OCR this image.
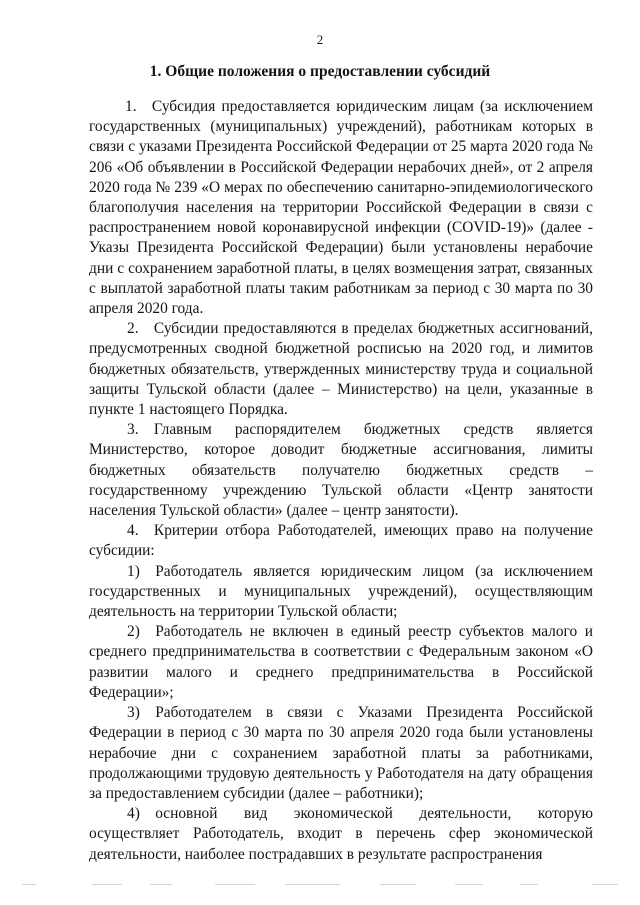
2
1. Общие положения о предоставлении субсидий

1. Субсидия предоставляется юридическим лицам (за исключением государственных (муниципальных) учреждений), работникам которых в связи с указами Президента Российской Федерации от 25 марта 2020 года № 206 «Об объявлении в Российской Федерации нерабочих дней», от 2 апреля 2020 года № 239 «О мерах по обеспечению санитарно-эпидемиологического благополучия населения на территории Российской Федерации в связи с распространением новой коронавирусной инфекции (COVID-19)» (далее - Указы Президента Российской Федерации) были установлены нерабочие дни с сохранением заработной платы, в целях возмещения затрат, связанных с выплатой заработной платы таким работникам за период с 30 марта по 30 апреля 2020 года.

2. Субсидии предоставляются в пределах бюджетных ассигнований, предусмотренных сводной бюджетной росписью на 2020 год, и лимитов бюджетных обязательств, утвержденных министерству труда и социальной защиты Тульской области (далее – Министерство) на цели, указанные в пункте 1 настоящего Порядка.

3. Главным распорядителем бюджетных средств является Министерство, которое доводит бюджетные ассигнования, лимиты бюджетных обязательств получателю бюджетных средств – государственному учреждению Тульской области «Центр занятости населения Тульской области» (далее – центр занятости).

4. Критерии отбора Работодателей, имеющих право на получение субсидии:

1) Работодатель является юридическим лицом (за исключением государственных и муниципальных учреждений), осуществляющим деятельность на территории Тульской области;

2) Работодатель не включен в единый реестр субъектов малого и среднего предпринимательства в соответствии с Федеральным законом «О развитии малого и среднего предпринимательства в Российской Федерации»;

3) Работодателем в связи с Указами Президента Российской Федерации в период с 30 марта по 30 апреля 2020 года были установлены нерабочие дни с сохранением заработной платы за работниками, продолжающими трудовую деятельность у Работодателя на дату обращения за предоставлением субсидии (далее – работники);

4) основной вид экономической деятельности, которую осуществляет Работодатель, входит в перечень сфер экономической деятельности, наиболее пострадавших в результате распространения
